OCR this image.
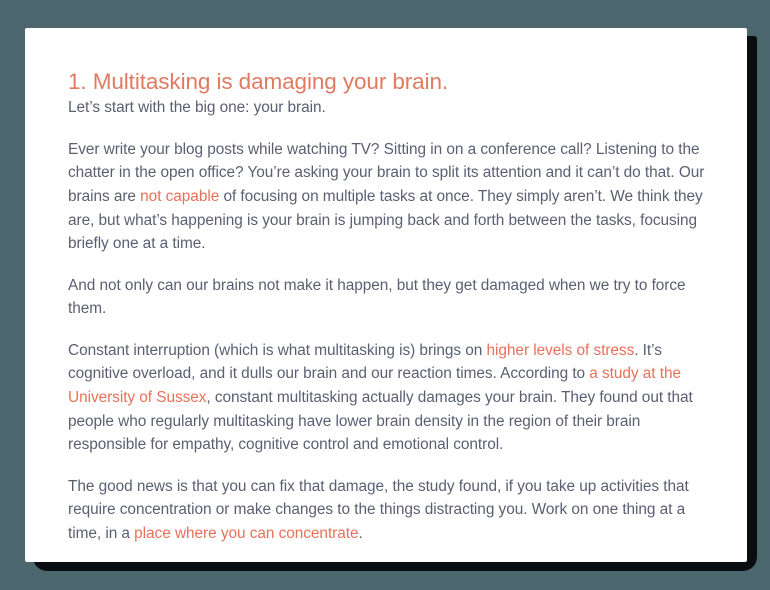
1. Multitasking is damaging your brain.

Let’s start with the big one: your brain.

Ever write your blog posts while watching TV? Sitting in on a conference call? Listening to the chatter in the open office? You’re asking your brain to split its attention and it can’t do that. Our brains are not capable of focusing on multiple tasks at once. They simply aren’t. We think they are, but what’s happening is your brain is jumping back and forth between the tasks, focusing briefly one at a time.

And not only can our brains not make it happen, but they get damaged when we try to force them.

Constant interruption (which is what multitasking is) brings on higher levels of stress. It’s cognitive overload, and it dulls our brain and our reaction times. According to a study at the University of Sussex, constant multitasking actually damages your brain. They found out that people who regularly multitasking have lower brain density in the region of their brain responsible for empathy, cognitive control and emotional control.

The good news is that you can fix that damage, the study found, if you take up activities that require concentration or make changes to the things distracting you. Work on one thing at a time, in a place where you can concentrate.
